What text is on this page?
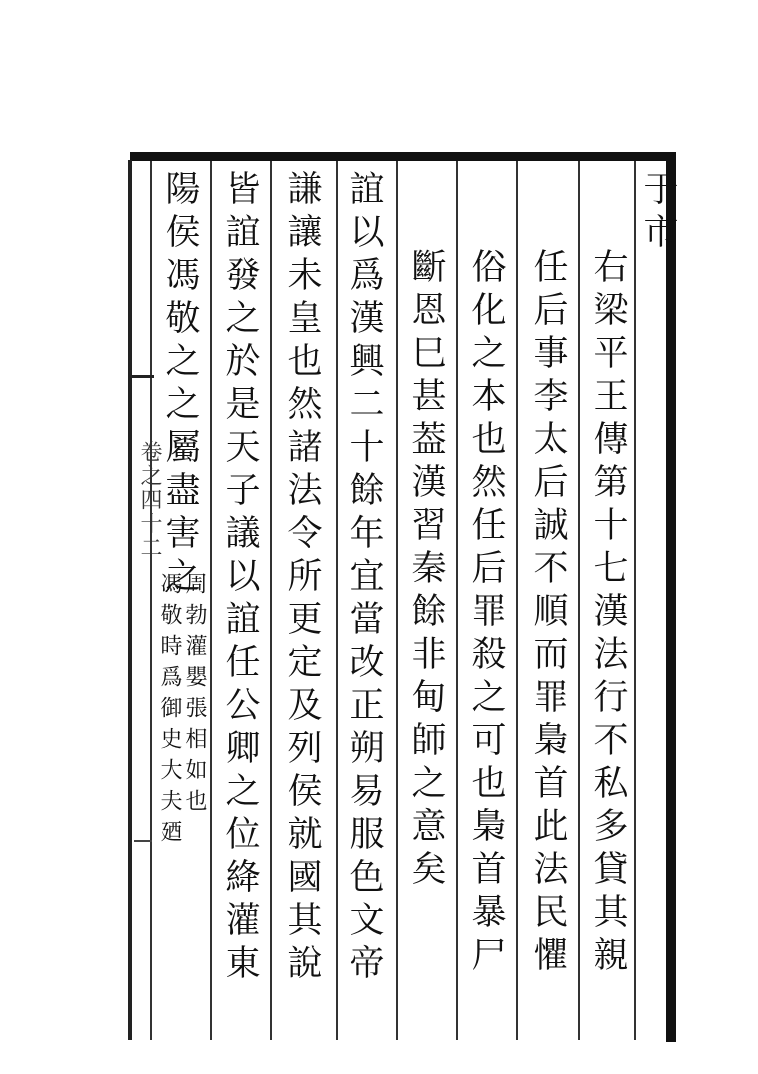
于市
右梁平王傳第十七漢法行不私多貸其親
任后事李太后誠不順而罪梟首此法民懼
俗化之本也然任后罪殺之可也梟首暴尸
斷恩巳甚葢漢習秦餘非甸師之意矣
誼以爲漢興二十餘年宜當改正朔易服色文帝
謙讓未皇也然諸法令所更定及列侯就國其說
皆誼發之於是天子議以誼任公卿之位絳灌東
陽侯馮敬之之屬盡害之
周勃灌嬰張相如也
馮敬時爲御史大夫廼
卷之四十二
